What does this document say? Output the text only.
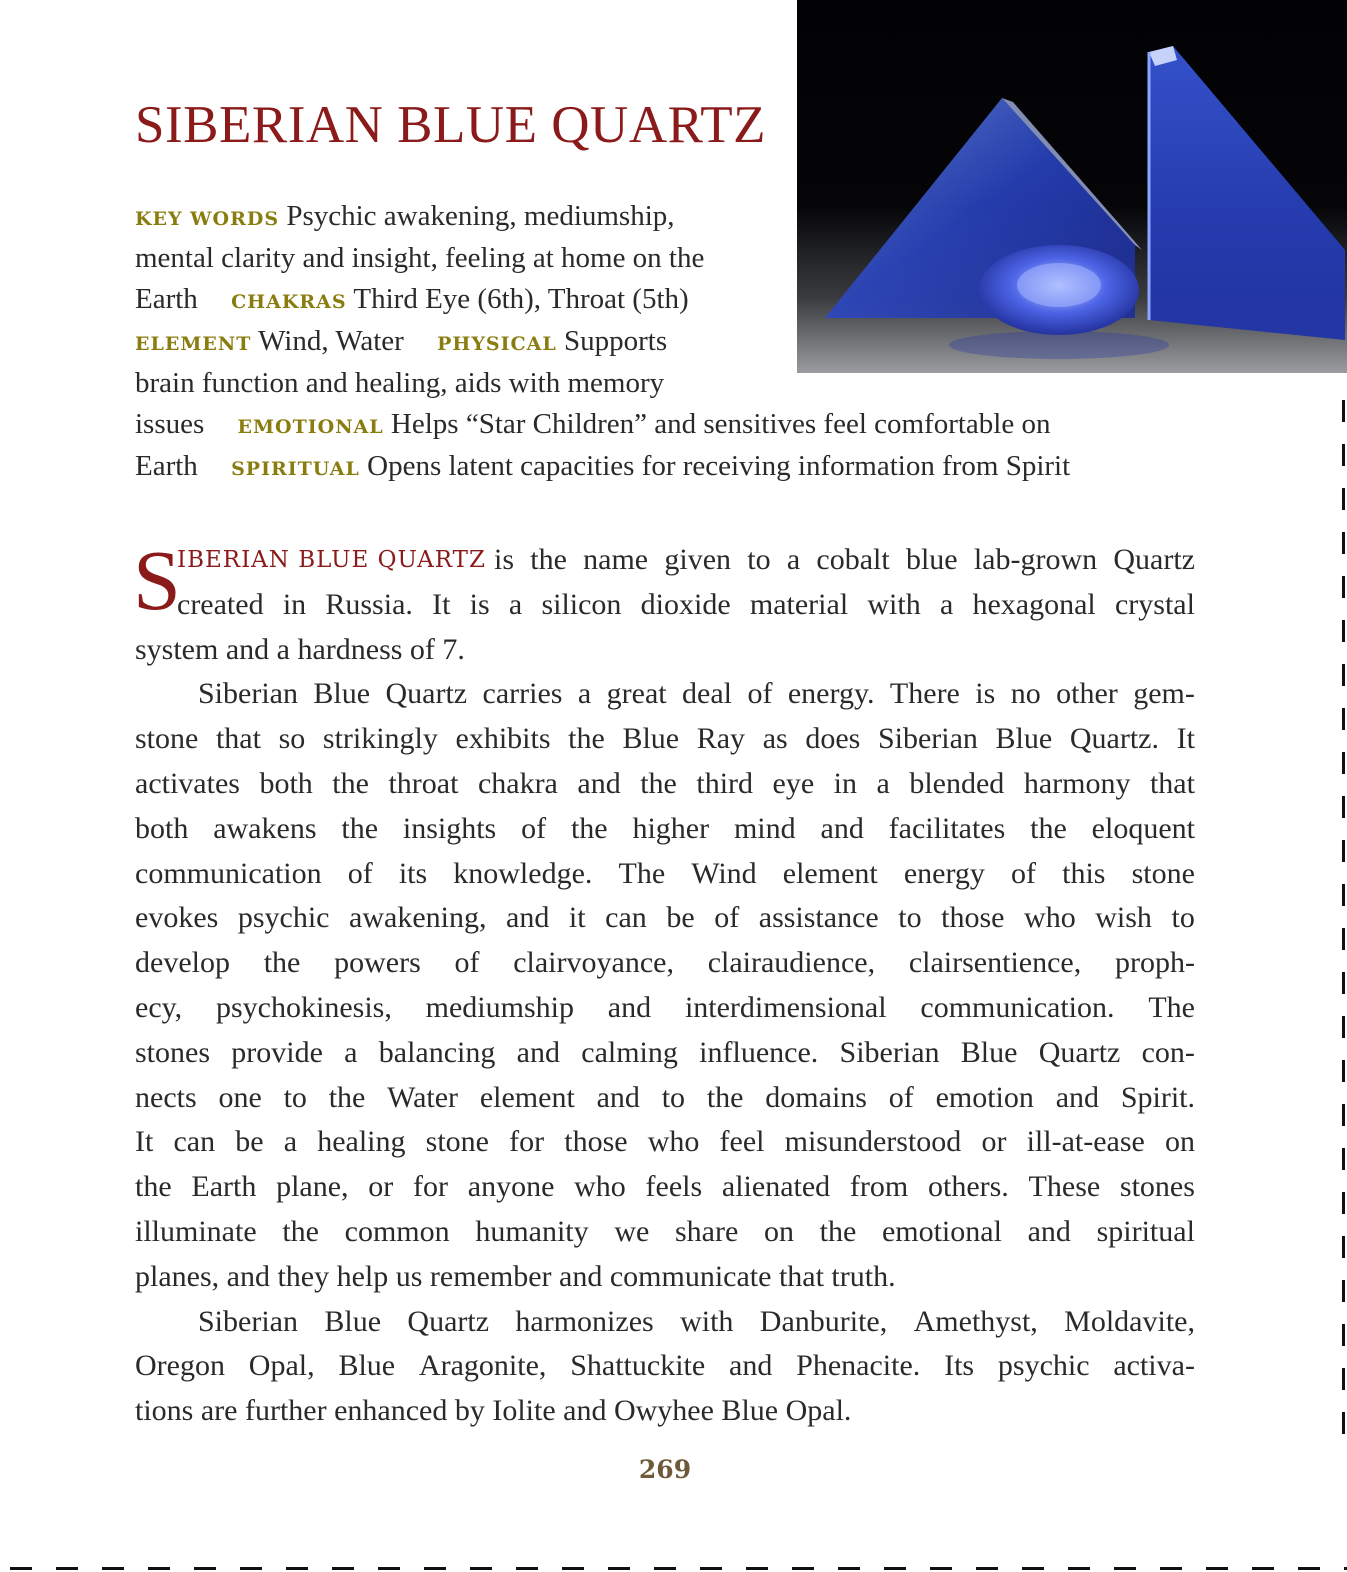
SIBERIAN BLUE QUARTZ
KEY WORDS Psychic awakening, mediumship,
mental clarity and insight, feeling at home on the
Earth CHAKRAS Third Eye (6th), Throat (5th)
ELEMENT Wind, Water PHYSICAL Supports
brain function and healing, aids with memory
issues EMOTIONAL Helps “Star Children” and sensitives feel comfortable on
Earth SPIRITUAL Opens latent capacities for receiving information from Spirit
S
IBERIAN BLUE QUARTZ is the name given to a cobalt blue lab-grown Quartz
created in Russia. It is a silicon dioxide material with a hexagonal crystal
system and a hardness of 7.
Siberian Blue Quartz carries a great deal of energy. There is no other gem-
stone that so strikingly exhibits the Blue Ray as does Siberian Blue Quartz. It
activates both the throat chakra and the third eye in a blended harmony that
both awakens the insights of the higher mind and facilitates the eloquent
communication of its knowledge. The Wind element energy of this stone
evokes psychic awakening, and it can be of assistance to those who wish to
develop the powers of clairvoyance, clairaudience, clairsentience, proph-
ecy, psychokinesis, mediumship and interdimensional communication. The
stones provide a balancing and calming influence. Siberian Blue Quartz con-
nects one to the Water element and to the domains of emotion and Spirit.
It can be a healing stone for those who feel misunderstood or ill-at-ease on
the Earth plane, or for anyone who feels alienated from others. These stones
illuminate the common humanity we share on the emotional and spiritual
planes, and they help us remember and communicate that truth.
Siberian Blue Quartz harmonizes with Danburite, Amethyst, Moldavite,
Oregon Opal, Blue Aragonite, Shattuckite and Phenacite. Its psychic activa-
tions are further enhanced by Iolite and Owyhee Blue Opal.
269
